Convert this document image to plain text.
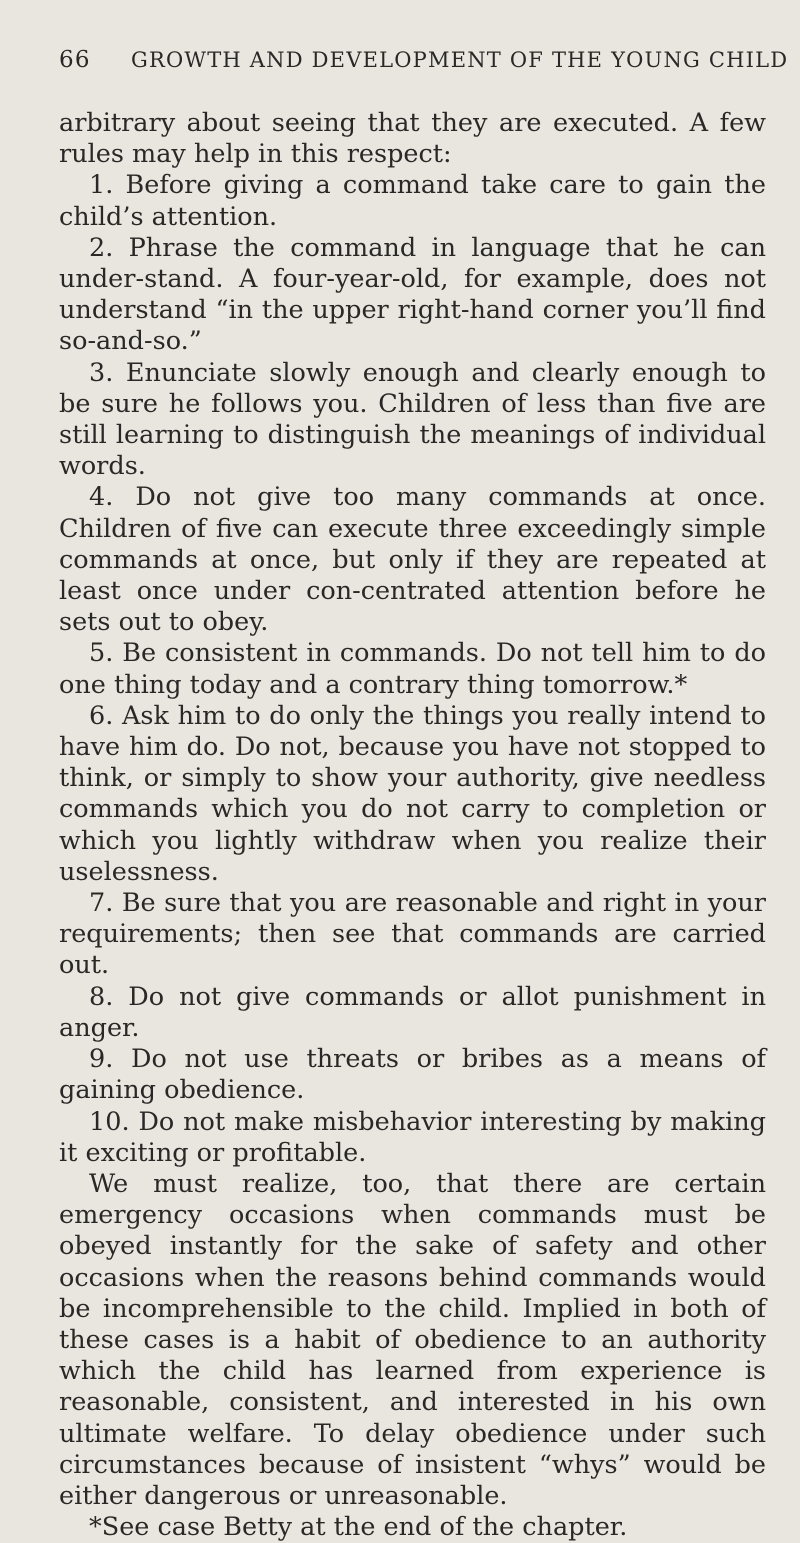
66 GROWTH AND DEVELOPMENT OF THE YOUNG CHILD

arbitrary about seeing that they are executed. A few rules may help in this respect:

1. Before giving a command take care to gain the child’s attention.

2. Phrase the command in language that he can under-stand. A four-year-old, for example, does not understand “in the upper right-hand corner you’ll find so-and-so.”

3. Enunciate slowly enough and clearly enough to be sure he follows you. Children of less than five are still learning to distinguish the meanings of individual words.

4. Do not give too many commands at once. Children of five can execute three exceedingly simple commands at once, but only if they are repeated at least once under con-centrated attention before he sets out to obey.

5. Be consistent in commands. Do not tell him to do one thing today and a contrary thing tomorrow.*

6. Ask him to do only the things you really intend to have him do. Do not, because you have not stopped to think, or simply to show your authority, give needless commands which you do not carry to completion or which you lightly withdraw when you realize their uselessness.

7. Be sure that you are reasonable and right in your requirements; then see that commands are carried out.

8. Do not give commands or allot punishment in anger.

9. Do not use threats or bribes as a means of gaining obedience.

10. Do not make misbehavior interesting by making it exciting or profitable.

We must realize, too, that there are certain emergency occasions when commands must be obeyed instantly for the sake of safety and other occasions when the reasons behind commands would be incomprehensible to the child. Implied in both of these cases is a habit of obedience to an authority which the child has learned from experience is reasonable, consistent, and interested in his own ultimate welfare. To delay obedience under such circumstances because of insistent “whys” would be either dangerous or unreasonable.

*See case Betty at the end of the chapter.
